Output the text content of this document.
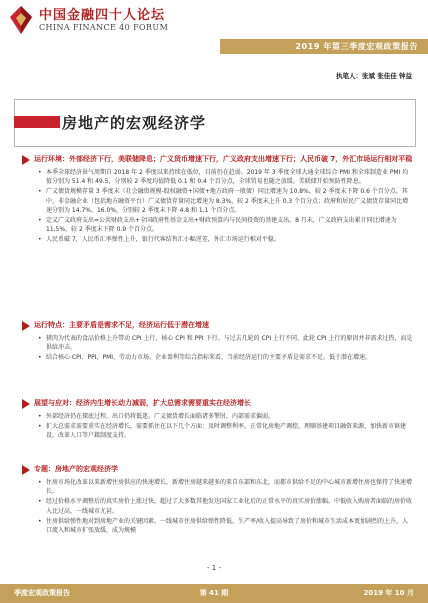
中国金融四十人论坛
CHINA FINANCE 40 FORUM
2019 年第三季度宏观政策报告
执笔人：张斌 张佳佳 钟益
房地产的宏观经济学
运行环境：外部经济下行，美联储降息；广义货币增速下行，广义政府支出增速下行；人民币破 7，外汇市场运行相对平稳
• 本季全球经济景气周期自 2018 年 2 季度以来持续在低位，目前仍在趋弱。2019 年 3 季度全球大通全球综合 PMI 和全球制造业 PMI 均值分别为 51.4 和 49.5，分别较 2 季度均值降低 0.1 和 0.4 个百分点，全球贸易也随之放缓。美联储开始预防性降息。
• 广义债货规模存量 3 季度末（社会融资规模-股权融资+国债+地方政府一般债）同比增速为 10.8%，较 2 季度末下降 0.6 个百分点。其中，非金融企业（包括地方融资平台）广义债货存量同比增速为 8.3%，较 2 季度末上升 0.3 个百分点；政府和居民广义债货存量同比增速分别为 14.7%、16.0%，分别较 2 季度末下降 4.8 和 1.1 个百分点。
• 定义广义政府支出=公共财政支出+全国政府性基金支出+财政预算内与民间投资的基建支出。8 月末，广义政府支出累计同比增速为 11.5%，较 2 季度末下降 0.9 个百分点。
• 人民币破 7，人民币汇率弹性上升，银行代客结售汇小幅逆差，外汇市场运行相对平稳。
运行特点：主要矛盾是需求不足，经济运行低于潜在增速
• 猪肉为代表的食品价格上升带动 CPI 上行，核心 CPI 和 PPI 下行。与过去几轮的 CPI 上行不同，此轮 CPI 上行的原因并非需求过热，而是供给冲击。
• 结合核心 CPI、PPI、PMI、劳动力市场、企业盈利等综合指标来看，当前经济运行的主要矛盾是需求不足，低于潜在增速。
展望与应对：经济内生增长动力减弱，扩大总需求需要重实在经济增长
• 外部经济仍在探底过程，出口仍将低迷。广义债货增长面临诸多掣肘，内部需求偏弱。
• 扩大总需求需要重实在经济增长，需要抓住在以下几个方面：及时调整利率，正常化房地产调控，理顺基建项目融资来源、加快新市镇建设，改革人口等户籍制度支持。
专题：房地产的宏观经济学
• 住房市场化改革以来新增住房供应的快速增长，新增住房越来越多的来自东部和东北，而都市供给不足的中心城市新增住房也保持了快速增长。
• 经过价格水平调整后的真实房价上涨过快，超过了大多数其他发达国家工业化后的正常水平的真实房价涨幅。中低收入购房者面临的房价收入比过高，一线城市尤甚。
• 住房供给弹性地对到房地产业的关键因素。一线城市住房供给弹性降低，生产率/收入提高导致了房价和城市生活成本更加剧烈的上升，人口流入和城市扩张放缓，成为规模
- 1 -
第 41 期
季度宏观政策报告	2019 年 10 月
